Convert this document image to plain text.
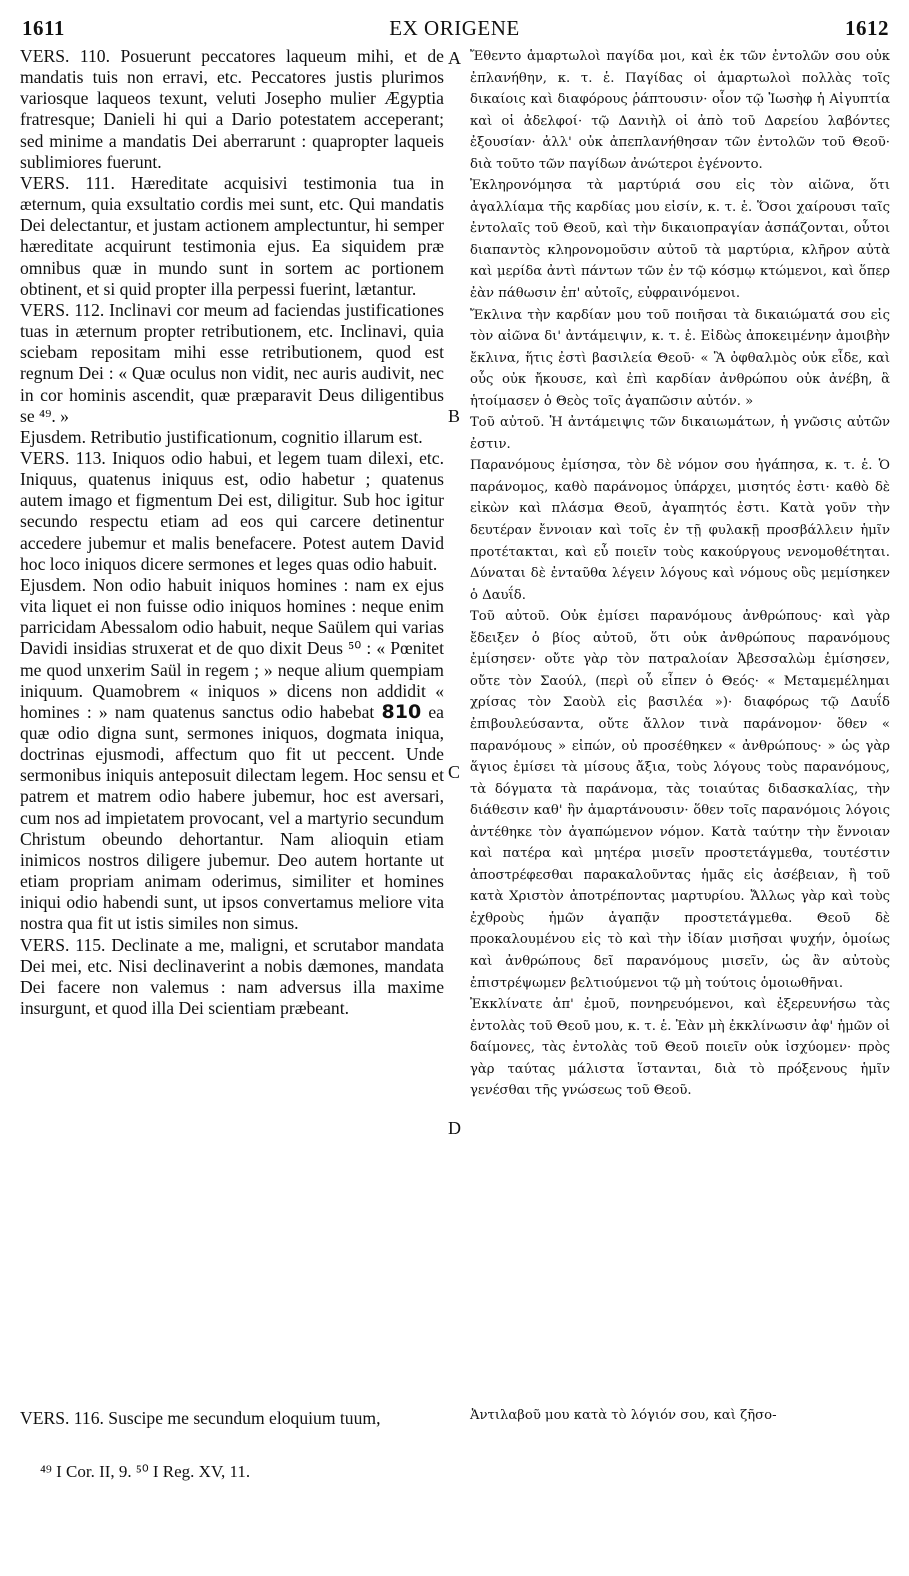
1611	EX ORIGENE	1612

VERS. 110. Posuerunt peccatores laqueum mihi, et de mandatis tuis non erravi, etc. Peccatores justis plurimos variosque laqueos texunt, veluti Josepho mulier Ægyptia fratresque; Danieli hi qui a Dario potestatem acceperant; sed minime a mandatis Dei aberrarunt : quapropter laqueis sublimiores fuerunt.

VERS. 111. Hæreditate acquisivi testimonia tua in æternum, quia exsultatio cordis mei sunt, etc. Qui mandatis Dei delectantur, et justam actionem amplectuntur, hi semper hæreditate acquirunt testimonia ejus. Ea siquidem præ omnibus quæ in mundo sunt in sortem ac portionem obtinent, et si quid propter illa perpessi fuerint, lætantur.

VERS. 112. Inclinavi cor meum ad faciendas justificationes tuas in æternum propter retributionem, etc. Inclinavi, quia sciebam repositam mihi esse retributionem, quod est regnum Dei : « Quæ oculus non vidit, nec auris audivit, nec in cor hominis ascendit, quæ præparavit Deus diligentibus se ⁴⁹. »

Ejusdem. Retributio justificationum, cognitio illarum est.

VERS. 113. Iniquos odio habui, et legem tuam dilexi, etc. Iniquus, quatenus iniquus est, odio habetur ; quatenus autem imago et figmentum Dei est, diligitur. Sub hoc igitur secundo respectu etiam ad eos qui carcere detinentur accedere jubemur et malis benefacere. Potest autem David hoc loco iniquos dicere sermones et leges quas odio habuit.

Ejusdem. Non odio habuit iniquos homines : nam ex ejus vita liquet ei non fuisse odio iniquos homines : neque enim parricidam Abessalom odio habuit, neque Saülem qui varias Davidi insidias struxerat et de quo dixit Deus ⁵⁰ : « Pœnitet me quod unxerim Saül in regem ; » neque alium quempiam iniquum. Quamobrem « iniquos » dicens non addidit « homines : » nam quatenus sanctus odio habebat 810 ea quæ odio digna sunt, sermones iniquos, dogmata iniqua, doctrinas ejusmodi, affectum quo fit ut peccent. Unde sermonibus iniquis anteposuit dilectam legem. Hoc sensu et patrem et matrem odio habere jubemur, hoc est aversari, cum nos ad impietatem provocant, vel a martyrio secundum Christum obeundo dehortantur. Nam alioquin etiam inimicos nostros diligere jubemur. Deo autem hortante ut etiam propriam animam oderimus, similiter et homines iniqui odio habendi sunt, ut ipsos convertamus meliore vita nostra qua fit ut istis similes non simus.

VERS. 115. Declinate a me, maligni, et scrutabor mandata Dei mei, etc. Nisi declinaverint a nobis dæmones, mandata Dei facere non valemus : nam adversus illa maxime insurgunt, et quod illa Dei scientiam præbeant.

Ἔθεντο ἁμαρτωλοὶ παγίδα μοι, καὶ ἐκ τῶν ἐντολῶν σου οὐκ ἐπλανήθην, κ. τ. ἑ. Παγίδας οἱ ἁμαρτωλοὶ πολλὰς τοῖς δικαίοις καὶ διαφόρους ῥάπτουσιν· οἷον τῷ Ἰωσὴφ ἡ Αἰγυπτία καὶ οἱ ἀδελφοί· τῷ Δανιὴλ οἱ ἀπὸ τοῦ Δαρείου λαβόντες ἐξουσίαν· ἀλλ' οὐκ ἀπεπλανήθησαν τῶν ἐντολῶν τοῦ Θεοῦ· διὰ τοῦτο τῶν παγίδων ἀνώτεροι ἐγένοντο.

Ἐκληρονόμησα τὰ μαρτύριά σου εἰς τὸν αἰῶνα, ὅτι ἀγαλλίαμα τῆς καρδίας μου εἰσίν, κ. τ. ἑ. Ὅσοι χαίρουσι ταῖς ἐντολαῖς τοῦ Θεοῦ, καὶ τὴν δικαιοπραγίαν ἀσπάζονται, οὗτοι διαπαντὸς κληρονομοῦσιν αὐτοῦ τὰ μαρτύρια, κλῆρον αὐτὰ καὶ μερίδα ἀντὶ πάντων τῶν ἐν τῷ κόσμῳ κτώμενοι, καὶ ὅπερ ἐὰν πάθωσιν ἐπ' αὐτοῖς, εὐφραινόμενοι.

Ἔκλινα τὴν καρδίαν μου τοῦ ποιῆσαι τὰ δικαιώματά σου εἰς τὸν αἰῶνα δι' ἀντάμειψιν, κ. τ. ἑ. Εἰδὼς ἀποκειμένην ἀμοιβὴν ἔκλινα, ἥτις ἐστὶ βασιλεία Θεοῦ· « Ἃ ὀφθαλμὸς οὐκ εἶδε, καὶ οὖς οὐκ ἤκουσε, καὶ ἐπὶ καρδίαν ἀνθρώπου οὐκ ἀνέβη, ἃ ἡτοίμασεν ὁ Θεὸς τοῖς ἀγαπῶσιν αὐτόν. »

Τοῦ αὐτοῦ. Ἡ ἀντάμειψις τῶν δικαιωμάτων, ἡ γνῶσις αὐτῶν ἐστιν.

Παρανόμους ἐμίσησα, τὸν δὲ νόμον σου ἠγάπησα, κ. τ. ἑ. Ὁ παράνομος, καθὸ παράνομος ὑπάρχει, μισητός ἐστι· καθὸ δὲ εἰκὼν καὶ πλάσμα Θεοῦ, ἀγαπητός ἐστι. Κατὰ γοῦν τὴν δευτέραν ἔννοιαν καὶ τοῖς ἐν τῇ φυλακῇ προσβάλλειν ἡμῖν προτέτακται, καὶ εὖ ποιεῖν τοὺς κακούργους νενομοθέτηται. Δύναται δὲ ἐνταῦθα λέγειν λόγους καὶ νόμους οὓς μεμίσηκεν ὁ Δαυΐδ.

Τοῦ αὐτοῦ. Οὐκ ἐμίσει παρανόμους ἀνθρώπους· καὶ γὰρ ἔδειξεν ὁ βίος αὐτοῦ, ὅτι οὐκ ἀνθρώπους παρανόμους ἐμίσησεν· οὔτε γὰρ τὸν πατραλοίαν Ἀβεσσαλὼμ ἐμίσησεν, οὔτε τὸν Σαούλ, (περὶ οὗ εἶπεν ὁ Θεός· « Μεταμεμέλημαι χρίσας τὸν Σαοὺλ εἰς βασιλέα »)· διαφόρως τῷ Δαυΐδ ἐπιβουλεύσαντα, οὔτε ἄλλον τινὰ παράνομον· ὅθεν « παρανόμους » εἰπών, οὐ προσέθηκεν « ἀνθρώπους· » ὡς γὰρ ἅγιος ἐμίσει τὰ μίσους ἄξια, τοὺς λόγους τοὺς παρανόμους, τὰ δόγματα τὰ παράνομα, τὰς τοιαύτας διδασκαλίας, τὴν διάθεσιν καθ' ἣν ἁμαρτάνουσιν· ὅθεν τοῖς παρανόμοις λόγοις ἀντέθηκε τὸν ἀγαπώμενον νόμον. Κατὰ ταύτην τὴν ἔννοιαν καὶ πατέρα καὶ μητέρα μισεῖν προστετάγμεθα, τουτέστιν ἀποστρέφεσθαι παρακαλοῦντας ἡμᾶς εἰς ἀσέβειαν, ἢ τοῦ κατὰ Χριστὸν ἀποτρέποντας μαρτυρίου. Ἄλλως γὰρ καὶ τοὺς ἐχθροὺς ἡμῶν ἀγαπᾷν προστετάγμεθα. Θεοῦ δὲ προκαλουμένου εἰς τὸ καὶ τὴν ἰδίαν μισῆσαι ψυχήν, ὁμοίως καὶ ἀνθρώπους δεῖ παρανόμους μισεῖν, ὡς ἂν αὐτοὺς ἐπιστρέψωμεν βελτιούμενοι τῷ μὴ τούτοις ὁμοιωθῆναι.

Ἐκκλίνατε ἀπ' ἐμοῦ, πονηρευόμενοι, καὶ ἐξερευνήσω τὰς ἐντολὰς τοῦ Θεοῦ μου, κ. τ. ἑ. Ἐὰν μὴ ἐκκλίνωσιν ἀφ' ἡμῶν οἱ δαίμονες, τὰς ἐντολὰς τοῦ Θεοῦ ποιεῖν οὐκ ἰσχύομεν· πρὸς γὰρ ταύτας μάλιστα ἵστανται, διὰ τὸ πρόξενους ἡμῖν γενέσθαι τῆς γνώσεως τοῦ Θεοῦ.

VERS. 116. Suscipe me secundum eloquium tuum,	Ἀντιλαβοῦ μου κατὰ τὸ λόγιόν σου, καὶ ζῆσο-
A
B
C
D
⁴⁹ I Cor. II, 9. ⁵⁰ I Reg. XV, 11.
